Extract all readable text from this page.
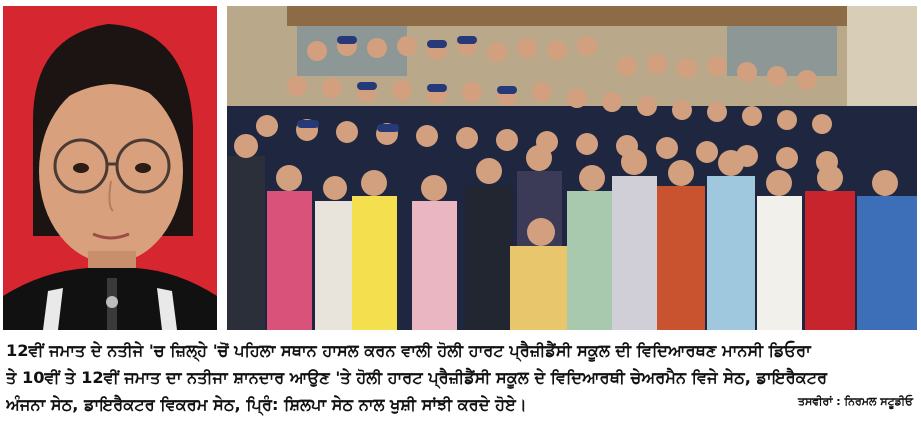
12ਵੀਂ ਜਮਾਤ ਦੇ ਨਤੀਜੇ 'ਚ ਜ਼ਿਲ੍ਹੇ 'ਚੋਂ ਪਹਿਲਾ ਸਥਾਨ ਹਾਸਲ ਕਰਨ ਵਾਲੀ ਹੋਲੀ ਹਾਰਟ ਪ੍ਰੈਜ਼ੀਡੈਂਸੀ ਸਕੂਲ ਦੀ ਵਿਦਿਆਰਥਣ ਮਾਨਸੀ ਡਿਓਰਾ
ਤੇ 10ਵੀਂ ਤੇ 12ਵੀਂ ਜਮਾਤ ਦਾ ਨਤੀਜਾ ਸ਼ਾਨਦਾਰ ਆਉਣ 'ਤੇ ਹੋਲੀ ਹਾਰਟ ਪ੍ਰੈਜ਼ੀਡੈਂਸੀ ਸਕੂਲ ਦੇ ਵਿਦਿਆਰਥੀ ਚੇਅਰਮੈਨ ਵਿਜੇ ਸੇਠ, ਡਾਇਰੈਕਟਰ
ਅੰਜਨਾ ਸੇਠ, ਡਾਇਰੈਕਟਰ ਵਿਕਰਮ ਸੇਠ, ਪ੍ਰਿੰ: ਸ਼ਿਲਪਾ ਸੇਠ ਨਾਲ ਖੁਸ਼ੀ ਸਾਂਝੀ ਕਰਦੇ ਹੋਏ।	ਤਸਵੀਰਾਂ : ਨਿਰਮਲ ਸਟੂਡੀਓ
